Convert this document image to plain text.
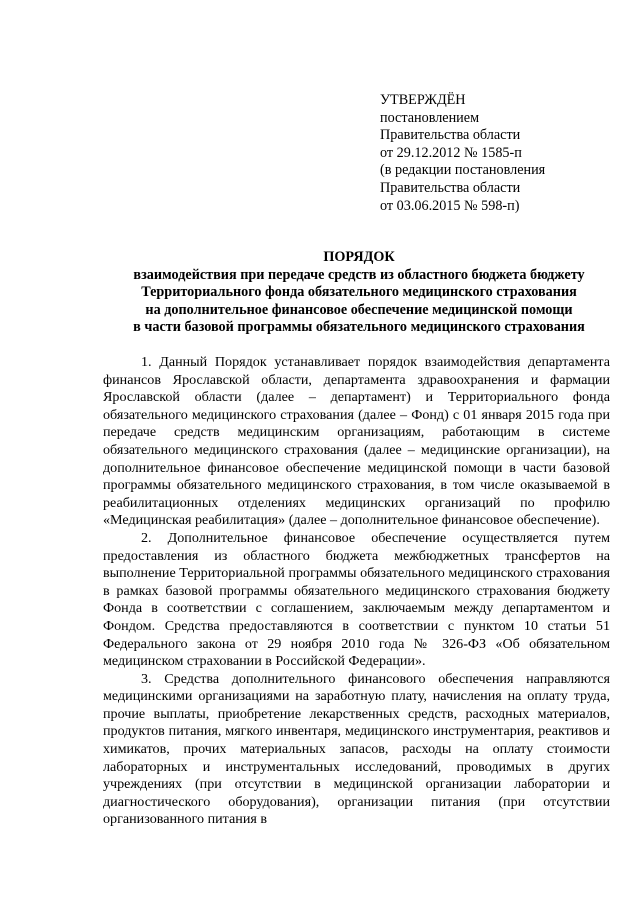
УТВЕРЖДЁН
постановлением
Правительства области
от 29.12.2012 № 1585-п
(в редакции постановления
Правительства области
от 03.06.2015 № 598-п)
ПОРЯДОК
взаимодействия при передаче средств из областного бюджета бюджету
Территориального фонда обязательного медицинского страхования
на дополнительное финансовое обеспечение медицинской помощи
в части базовой программы обязательного медицинского страхования

1. Данный Порядок устанавливает порядок взаимодействия департамента финансов Ярославской области, департамента здравоохранения и фармации Ярославской области (далее – департамент) и Территориального фонда обязательного медицинского страхования (далее – Фонд) с 01 января 2015 года при передаче средств медицинским организациям, работающим в системе обязательного медицинского страхования (далее – медицинские организации), на дополнительное финансовое обеспечение медицинской помощи в части базовой программы обязательного медицинского страхования, в том числе оказываемой в реабилитационных отделениях медицинских организаций по профилю «Медицинская реабилитация» (далее – дополнительное финансовое обеспечение).

2. Дополнительное финансовое обеспечение осуществляется путем предоставления из областного бюджета межбюджетных трансфертов на выполнение Территориальной программы обязательного медицинского страхования в рамках базовой программы обязательного медицинского страхования бюджету Фонда в соответствии с соглашением, заключаемым между департаментом и Фондом. Средства предоставляются в соответствии с пунктом 10 статьи 51 Федерального закона от 29 ноября 2010 года № 326-ФЗ «Об обязательном медицинском страховании в Российской Федерации».

3. Средства дополнительного финансового обеспечения направляются медицинскими организациями на заработную плату, начисления на оплату труда, прочие выплаты, приобретение лекарственных средств, расходных материалов, продуктов питания, мягкого инвентаря, медицинского инструментария, реактивов и химикатов, прочих материальных запасов, расходы на оплату стоимости лабораторных и инструментальных исследований, проводимых в других учреждениях (при отсутствии в медицинской организации лаборатории и диагностического оборудования), организации питания (при отсутствии организованного питания в
